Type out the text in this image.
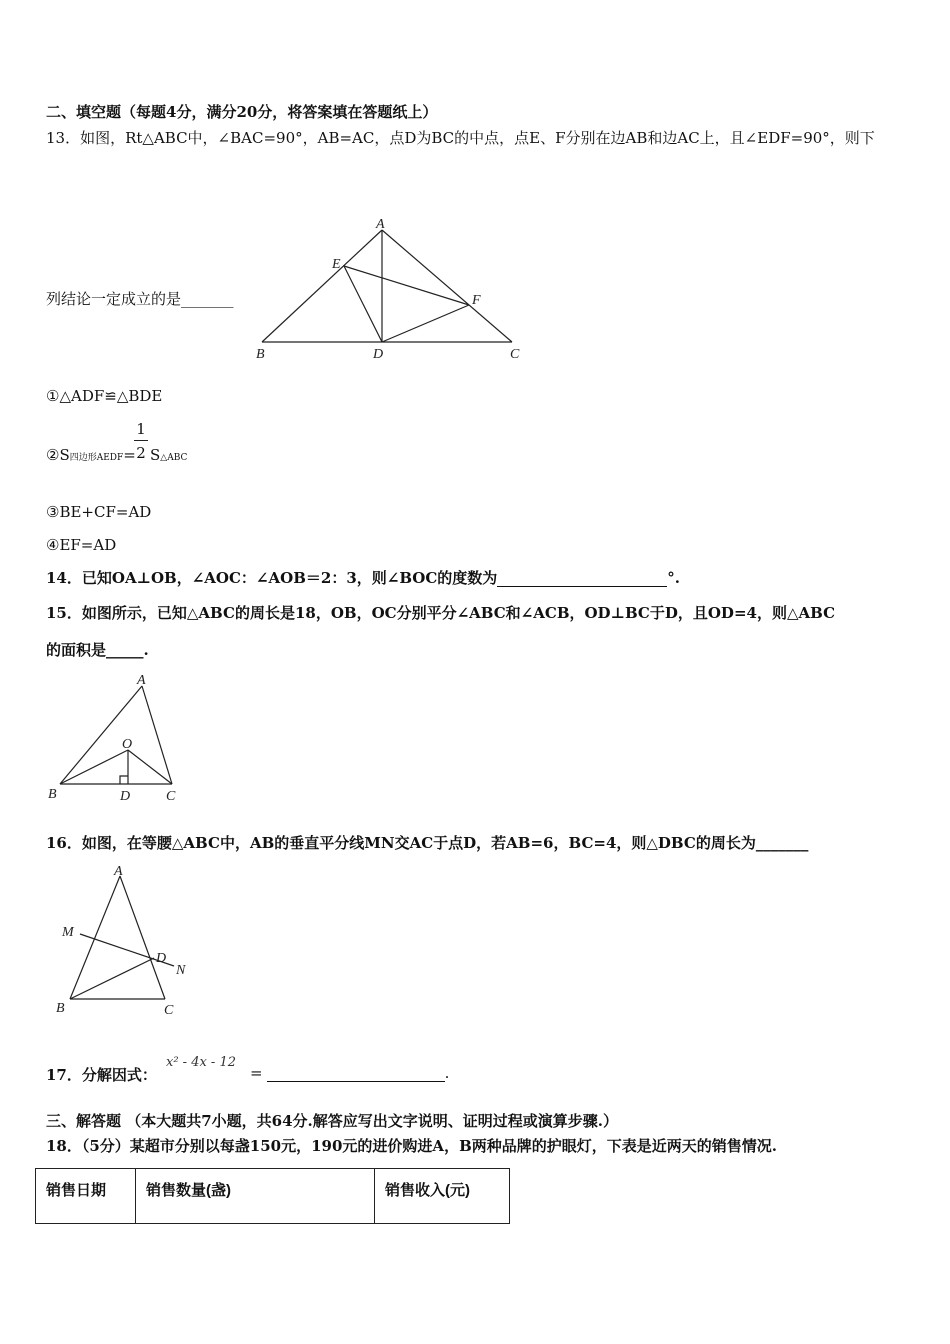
二、填空题（每题4分，满分20分，将答案填在答题纸上）
13．如图，Rt△ABC中，∠BAC=90°，AB=AC，点D为BC的中点，点E、F分别在边AB和边AC上，且∠EDF=90°，则下
A
E
F
B	D	C
列结论一定成立的是_______
①△ADF≌△BDE
②S四边形AEDF=
1
2 S△ABC
③BE+CF=AD
④EF=AD
14．已知OA⊥OB，∠AOC：∠AOB＝2：3，则∠BOC的度数为	°.
15．如图所示，已知△ABC的周长是18，OB，OC分别平分∠ABC和∠ACB，OD⊥BC于D，且OD=4，则△ABC
的面积是_____.
A
O
B	D	C
16．如图，在等腰△ABC中，AB的垂直平分线MN交AC于点D，若AB=6，BC=4，则△DBC的周长为_______
A
M
D
N
B	C
17．分解因式：
x² - 4x - 12
=	.
三、解答题 （本大题共7小题，共64分.解答应写出文字说明、证明过程或演算步骤.）
18．（5分）某超市分别以每盏150元，190元的进价购进A，B两种品牌的护眼灯，下表是近两天的销售情况.
销售日期	销售数量(盏)	销售收入(元)
